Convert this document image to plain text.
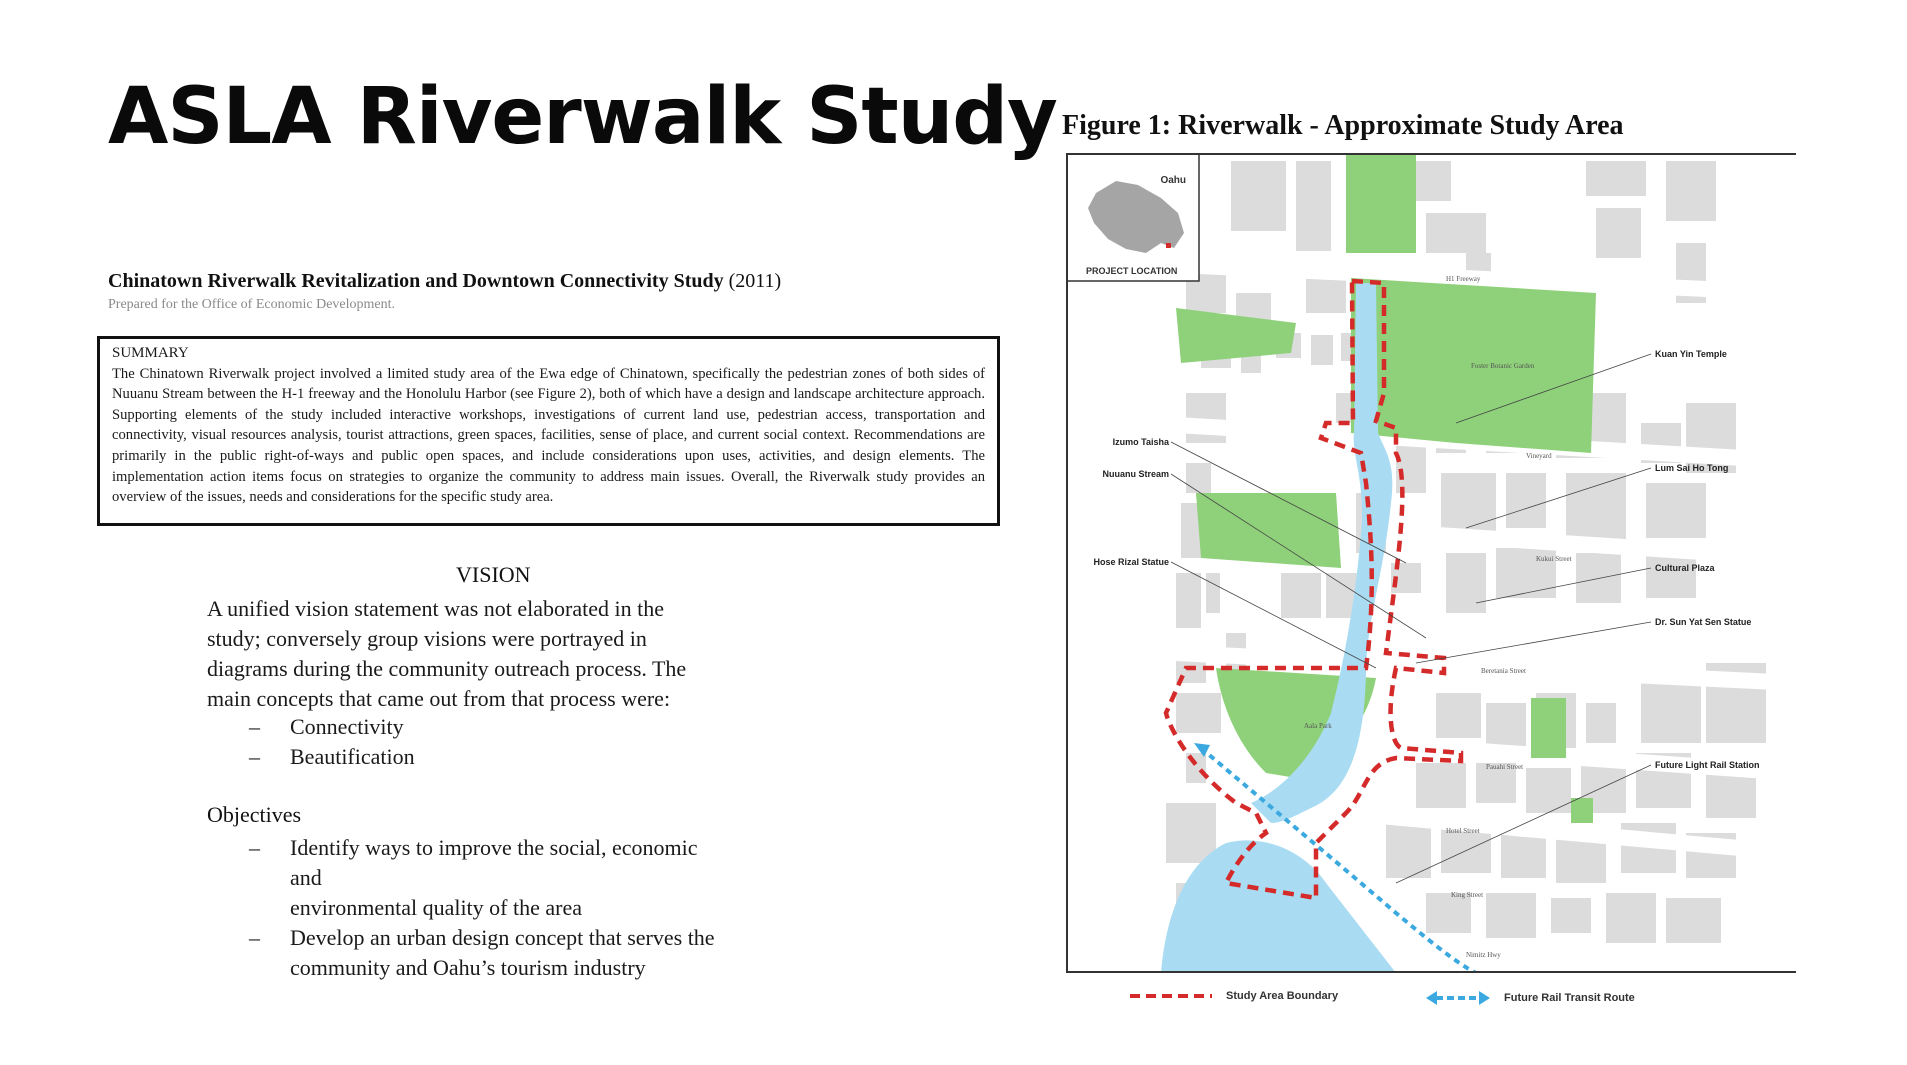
ASLA Riverwalk Study
Chinatown Riverwalk Revitalization and Downtown Connectivity Study (2011)
Prepared for the Office of Economic Development.
SUMMARY
The Chinatown Riverwalk project involved a limited study area of the Ewa edge of Chinatown, specifically the pedestrian zones of both sides of Nuuanu Stream between the H-1 freeway and the Honolulu Harbor (see Figure 2), both of which have a design and landscape architecture approach. Supporting elements of the study included interactive workshops, investigations of current land use, pedestrian access, transportation and connectivity, visual resources analysis, tourist attractions, green spaces, facilities, sense of place, and current social context. Recommendations are primarily in the public right-of-ways and public open spaces, and include considerations upon uses, activities, and design elements. The implementation action items focus on strategies to organize the community to address main issues. Overall, the Riverwalk study provides an overview of the issues, needs and considerations for the specific study area.
VISION
A unified vision statement was not elaborated in the
study; conversely group visions were portrayed in
diagrams during the community outreach process. The
main concepts that came out from that process were:
– Connectivity
– Beautification
Objectives
– Identify ways to improve the social, economic
and
environmental quality of the area
– Develop an urban design concept that serves the
community and Oahu’s tourism industry
Figure 1: Riverwalk - Approximate Study Area
Oahu
PROJECT LOCATION
H1 Freeway
Foster Botanic Garden
Vineyard
Kukui Street
Beretania Street
Aala Park
Pauahi Street
Hotel Street
King Street
Nimitz Hwy
Izumo Taisha
Nuuanu Stream
Hose Rizal Statue
Kuan Yin Temple
Lum Sai Ho Tong
Cultural Plaza
Dr. Sun Yat Sen Statue
Future Light Rail Station
Study Area Boundary	Future Rail Transit Route
